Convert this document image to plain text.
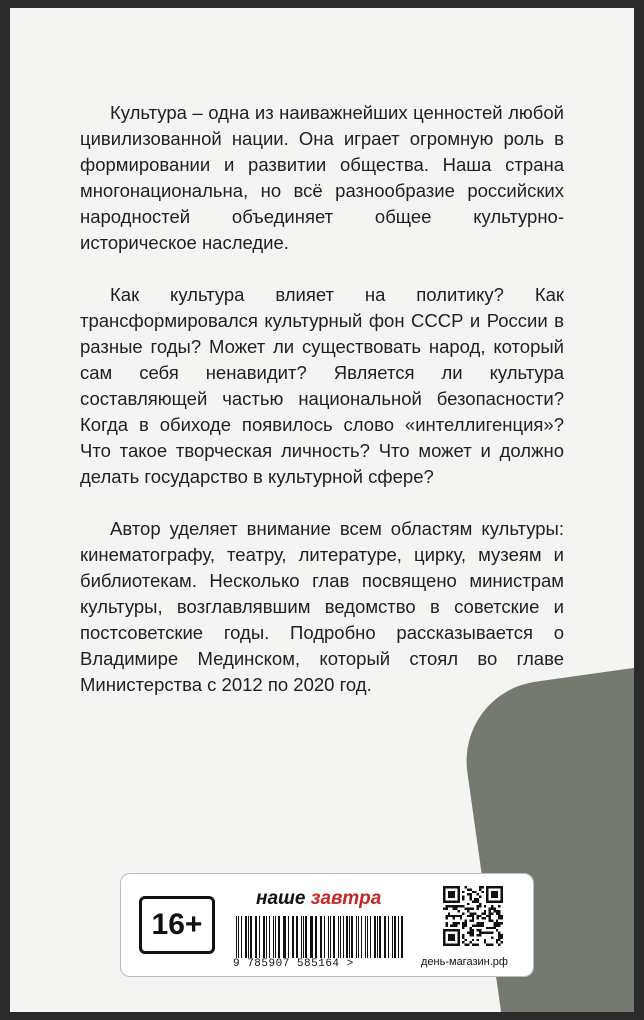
Культура – одна из наиважнейших ценностей любой цивилизованной нации. Она играет огромную роль в формировании и развитии общества. Наша страна многонациональна, но всё разнообразие российских народностей объединяет общее культурно-историческое наследие.

Как культура влияет на политику? Как трансформировался культурный фон СССР и России в разные годы? Может ли существовать народ, который сам себя ненавидит? Является ли культура составляющей частью национальной безопасности? Когда в обиходе появилось слово «интеллигенция»? Что такое творческая личность? Что может и должно делать государство в культурной сфере?

Автор уделяет внимание всем областям культуры: кинематографу, театру, литературе, цирку, музеям и библиотекам. Несколько глав посвящено министрам культуры, возглавлявшим ведомство в советские и постсоветские годы. Подробно рассказывается о Владимире Мединском, который стоял во главе Министерства с 2012 по 2020 год.

16+
наше завтра
9 785907 585164 >	день-магазин.рф
